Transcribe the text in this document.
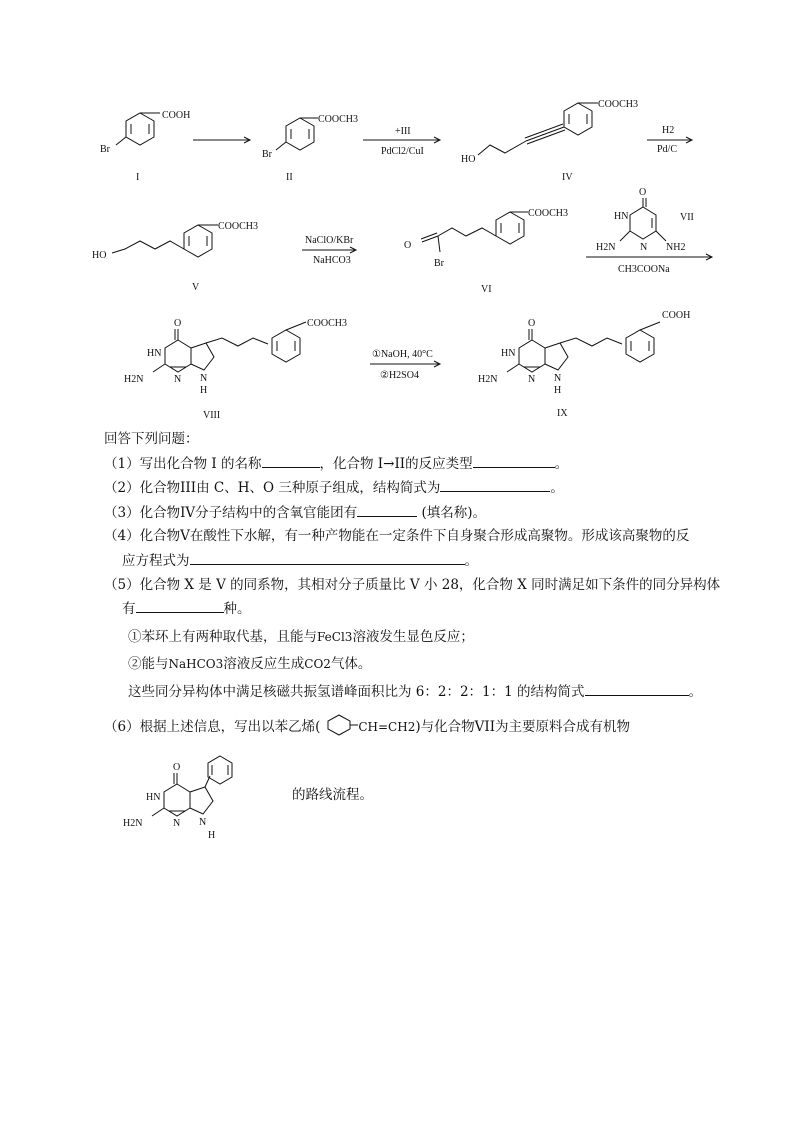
COOH
Br
I
COOCH3
Br
II
+III
PdCl2/CuI
COOCH3
HO
IV
H2
Pd/C
COOCH3
HO
V
NaClO/KBr
NaHCO3
COOCH3
O
Br
VI
O
HN
N
H2N	NH2
VII
CH3COONa
COOCH3
O
HN
N
H2N	N
H
VIII
①NaOH, 40°C
②H2SO4
COOH
O
HN
N
H2N	N
H
IX
回答下列问题：
（1）写出化合物 I 的名称	，化合物 I→II的反应类型	。
（2）化合物III由 C、H、O 三种原子组成，结构简式为	。
（3）化合物IV分子结构中的含氧官能团有	(填名称)。
（4）化合物V在酸性下水解，有一种产物能在一定条件下自身聚合形成高聚物。形成该高聚物的反
应方程式为	。
（5）化合物 X 是 V 的同系物，其相对分子质量比 V 小 28，化合物 X 同时满足如下条件的同分异构体
有	种。
①苯环上有两种取代基，且能与FeCl3溶液发生显色反应；
②能与NaHCO3溶液反应生成CO2气体。
这些同分异构体中满足核磁共振氢谱峰面积比为 6：2：2：1：1 的结构简式	。
（6）根据上述信息，写出以苯乙烯(	CH=CH2)与化合物VII为主要原料合成有机物
O
HN
N
H2N	N
H
的路线流程。
